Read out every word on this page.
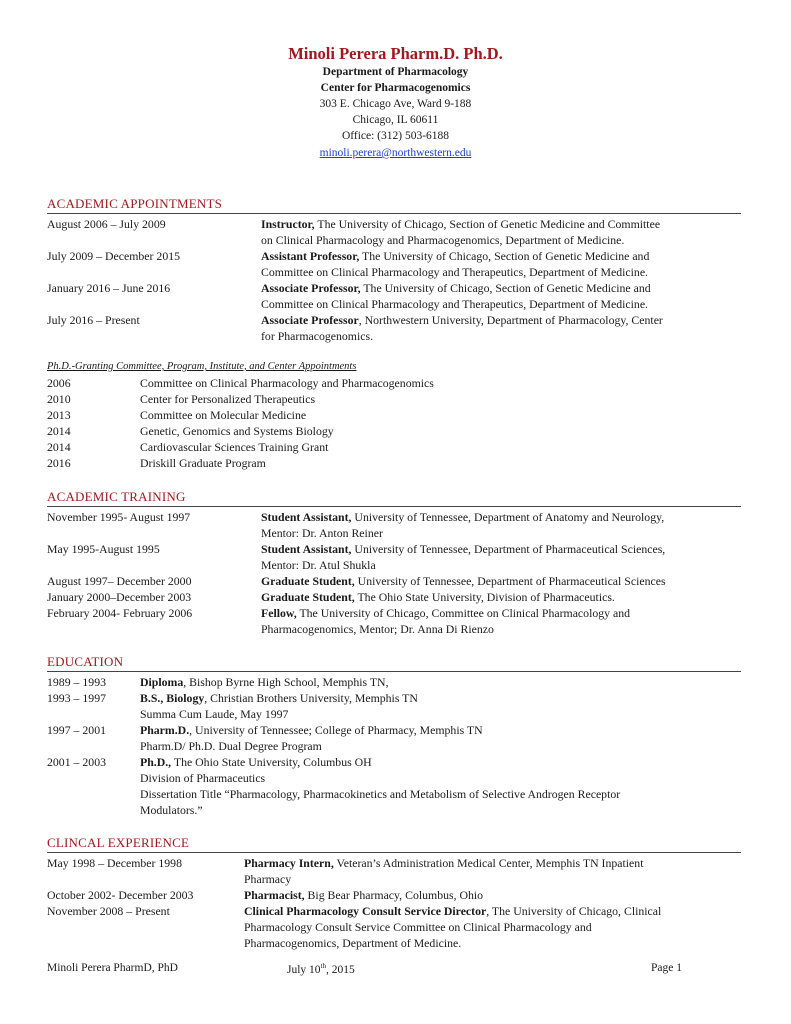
Minoli Perera Pharm.D. Ph.D.
Department of Pharmacology
Center for Pharmacogenomics
303 E. Chicago Ave, Ward 9-188
Chicago, IL 60611
Office: (312) 503-6188
minoli.perera@northwestern.edu
ACADEMIC APPOINTMENTS
August 2006 – July 2009	Instructor, The University of Chicago, Section of Genetic Medicine and Committee
on Clinical Pharmacology and Pharmacogenomics, Department of Medicine.
July 2009 – December 2015	Assistant Professor, The University of Chicago, Section of Genetic Medicine and
Committee on Clinical Pharmacology and Therapeutics, Department of Medicine.
January 2016 – June 2016	Associate Professor, The University of Chicago, Section of Genetic Medicine and
Committee on Clinical Pharmacology and Therapeutics, Department of Medicine.
July 2016 – Present	Associate Professor, Northwestern University, Department of Pharmacology, Center
for Pharmacogenomics.
Ph.D.-Granting Committee, Program, Institute, and Center Appointments
2006	Committee on Clinical Pharmacology and Pharmacogenomics
2010	Center for Personalized Therapeutics
2013	Committee on Molecular Medicine
2014	Genetic, Genomics and Systems Biology
2014	Cardiovascular Sciences Training Grant
2016	Driskill Graduate Program
ACADEMIC TRAINING
November 1995- August 1997	Student Assistant, University of Tennessee, Department of Anatomy and Neurology,
Mentor: Dr. Anton Reiner
May 1995-August 1995	Student Assistant, University of Tennessee, Department of Pharmaceutical Sciences,
Mentor: Dr. Atul Shukla
August 1997– December 2000	Graduate Student, University of Tennessee, Department of Pharmaceutical Sciences
January 2000–December 2003	Graduate Student, The Ohio State University, Division of Pharmaceutics.
February 2004- February 2006	Fellow, The University of Chicago, Committee on Clinical Pharmacology and
Pharmacogenomics, Mentor; Dr. Anna Di Rienzo
EDUCATION
1989 – 1993	Diploma, Bishop Byrne High School, Memphis TN,
1993 – 1997	B.S., Biology, Christian Brothers University, Memphis TN
Summa Cum Laude, May 1997
1997 – 2001	Pharm.D., University of Tennessee; College of Pharmacy, Memphis TN
Pharm.D/ Ph.D. Dual Degree Program
2001 – 2003	Ph.D., The Ohio State University, Columbus OH
Division of Pharmaceutics
Dissertation Title “Pharmacology, Pharmacokinetics and Metabolism of Selective Androgen Receptor
Modulators.”
CLINCAL EXPERIENCE
May 1998 – December 1998	Pharmacy Intern, Veteran’s Administration Medical Center, Memphis TN Inpatient
Pharmacy
October 2002- December 2003	Pharmacist, Big Bear Pharmacy, Columbus, Ohio
November 2008 – Present	Clinical Pharmacology Consult Service Director, The University of Chicago, Clinical
Pharmacology Consult Service Committee on Clinical Pharmacology and
Pharmacogenomics, Department of Medicine.
Minoli Perera PharmD, PhD	July 10th, 2015	Page 1
